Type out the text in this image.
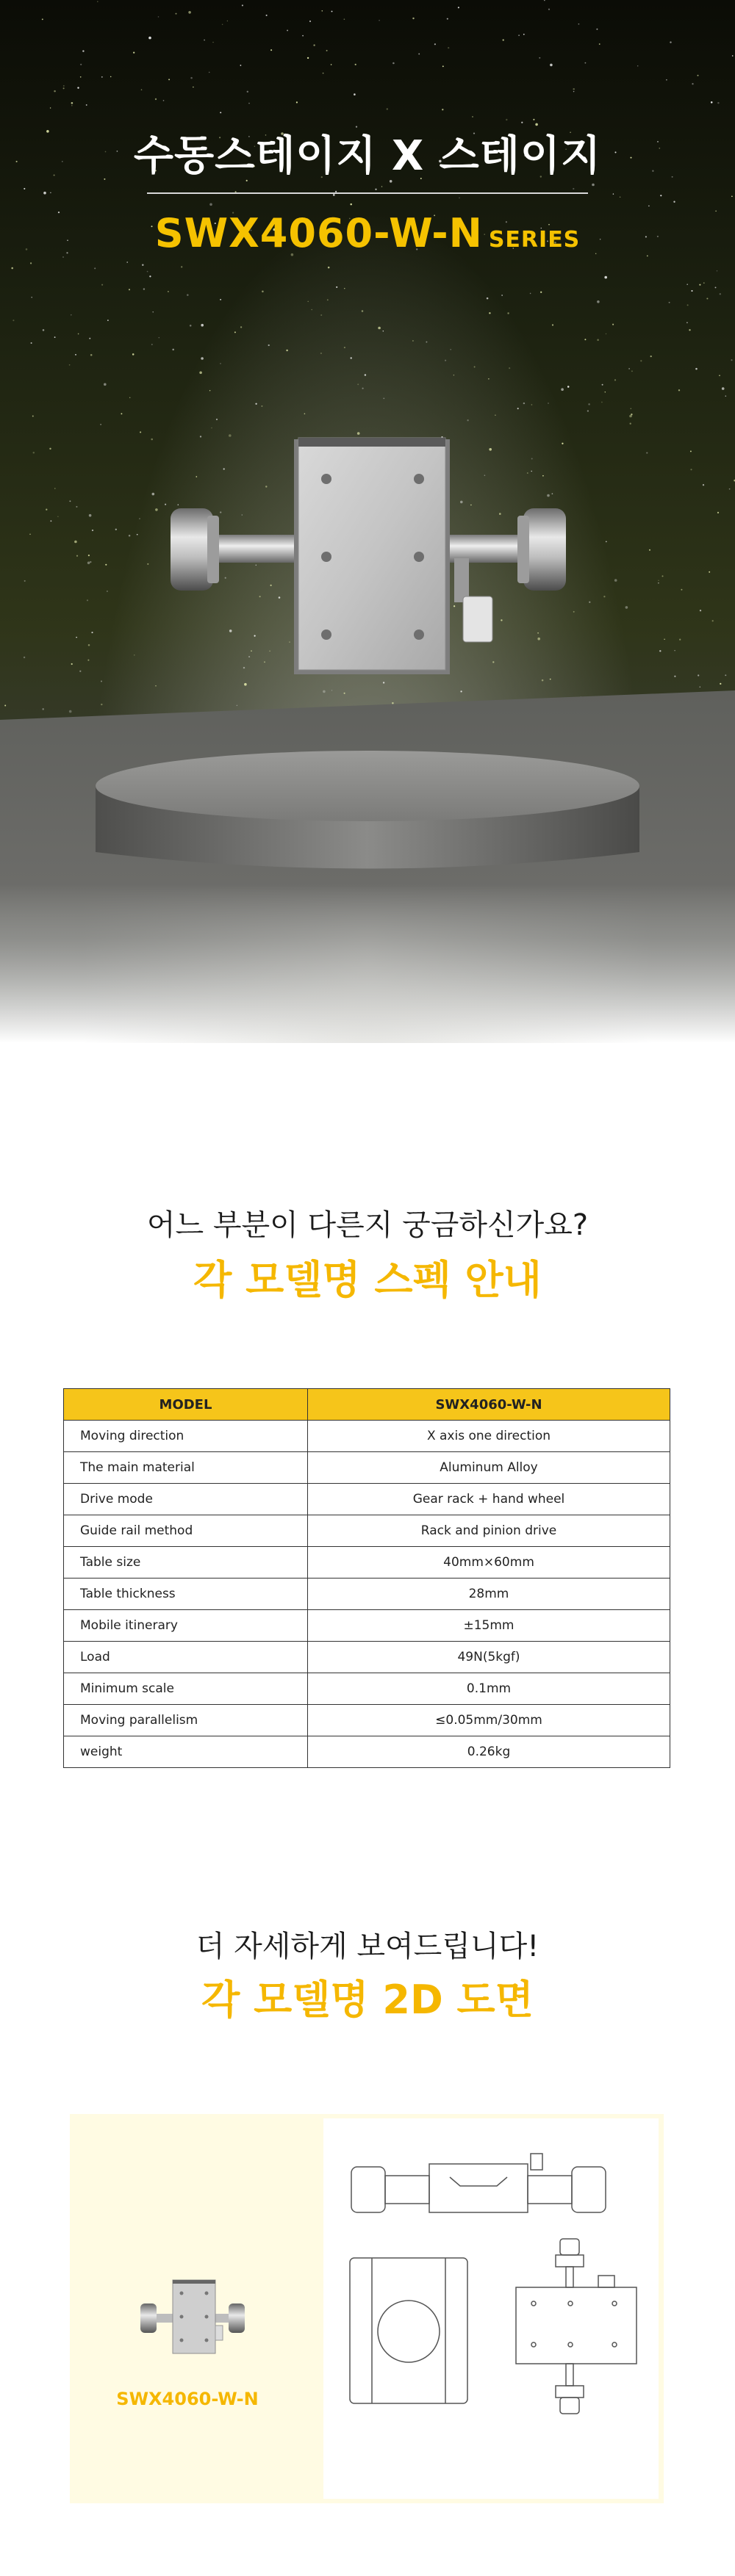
수동스테이지 X 스테이지
SWX4060-W-N SERIES

어느 부분이 다른지 궁금하신가요?

각 모델명 스펙 안내
MODEL	SWX4060-W-N
Moving direction	X axis one direction
The main material	Aluminum Alloy
Drive mode	Gear rack + hand wheel
Guide rail method	Rack and pinion drive
Table size	40mm×60mm
Table thickness	28mm
Mobile itinerary	±15mm
Load	49N(5kgf)
Minimum scale	0.1mm
Moving parallelism	≤0.05mm/30mm
weight	0.26kg

더 자세하게 보여드립니다!

각 모델명 2D 도면
SWX4060-W-N
